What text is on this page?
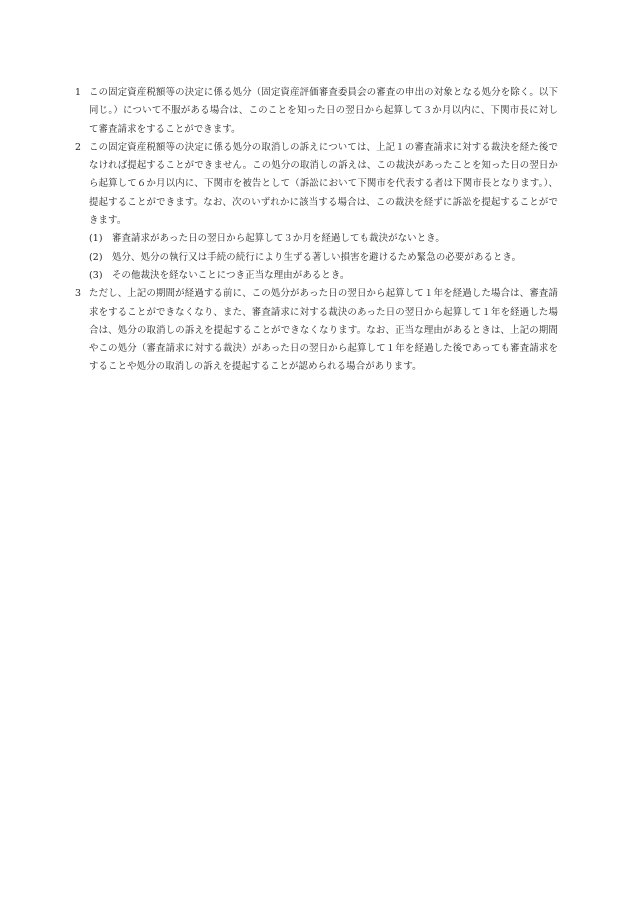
1 この固定資産税額等の決定に係る処分（固定資産評価審査委員会の審査の申出の対象となる処分を除く。以下同じ。）について不服がある場合は、このことを知った日の翌日から起算して３か月以内に、下関市長に対して審査請求をすることができます。
2 この固定資産税額等の決定に係る処分の取消しの訴えについては、上記１の審査請求に対する裁決を経た後でなければ提起することができません。この処分の取消しの訴えは、この裁決があったことを知った日の翌日から起算して６か月以内に、下関市を被告として（訴訟において下関市を代表する者は下関市長となります。）、提起することができます。なお、次のいずれかに該当する場合は、この裁決を経ずに訴訟を提起することができます。
(1) 審査請求があった日の翌日から起算して３か月を経過しても裁決がないとき。
(2) 処分、処分の執行又は手続の続行により生ずる著しい損害を避けるため緊急の必要があるとき。
(3) その他裁決を経ないことにつき正当な理由があるとき。
3 ただし、上記の期間が経過する前に、この処分があった日の翌日から起算して１年を経過した場合は、審査請求をすることができなくなり、また、審査請求に対する裁決のあった日の翌日から起算して１年を経過した場合は、処分の取消しの訴えを提起することができなくなります。なお、正当な理由があるときは、上記の期間やこの処分（審査請求に対する裁決）があった日の翌日から起算して１年を経過した後であっても審査請求をすることや処分の取消しの訴えを提起することが認められる場合があります。
